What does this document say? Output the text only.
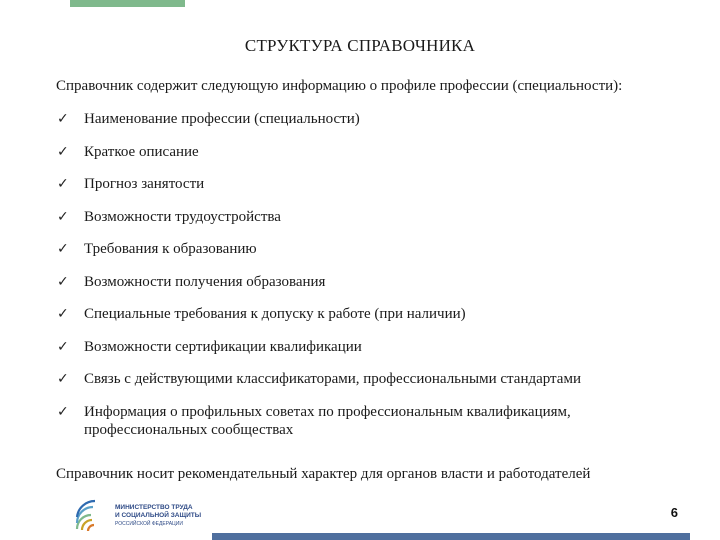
СТРУКТУРА СПРАВОЧНИКА
Справочник содержит следующую информацию о профиле профессии (специальности):
✓ Наименование профессии (специальности)
✓ Краткое описание
✓ Прогноз занятости
✓ Возможности трудоустройства
✓ Требования к образованию
✓ Возможности получения образования
✓ Специальные требования к допуску к работе (при наличии)
✓ Возможности сертификации квалификации
✓ Связь с действующими классификаторами, профессиональными стандартами
✓ Информация о профильных советах по профессиональным квалификациям, профессиональных сообществах
Справочник носит рекомендательный характер для органов власти и работодателей
МИНИСТЕРСТВО ТРУДА
И СОЦИАЛЬНОЙ ЗАЩИТЫ
РОССИЙСКОЙ ФЕДЕРАЦИИ
6
